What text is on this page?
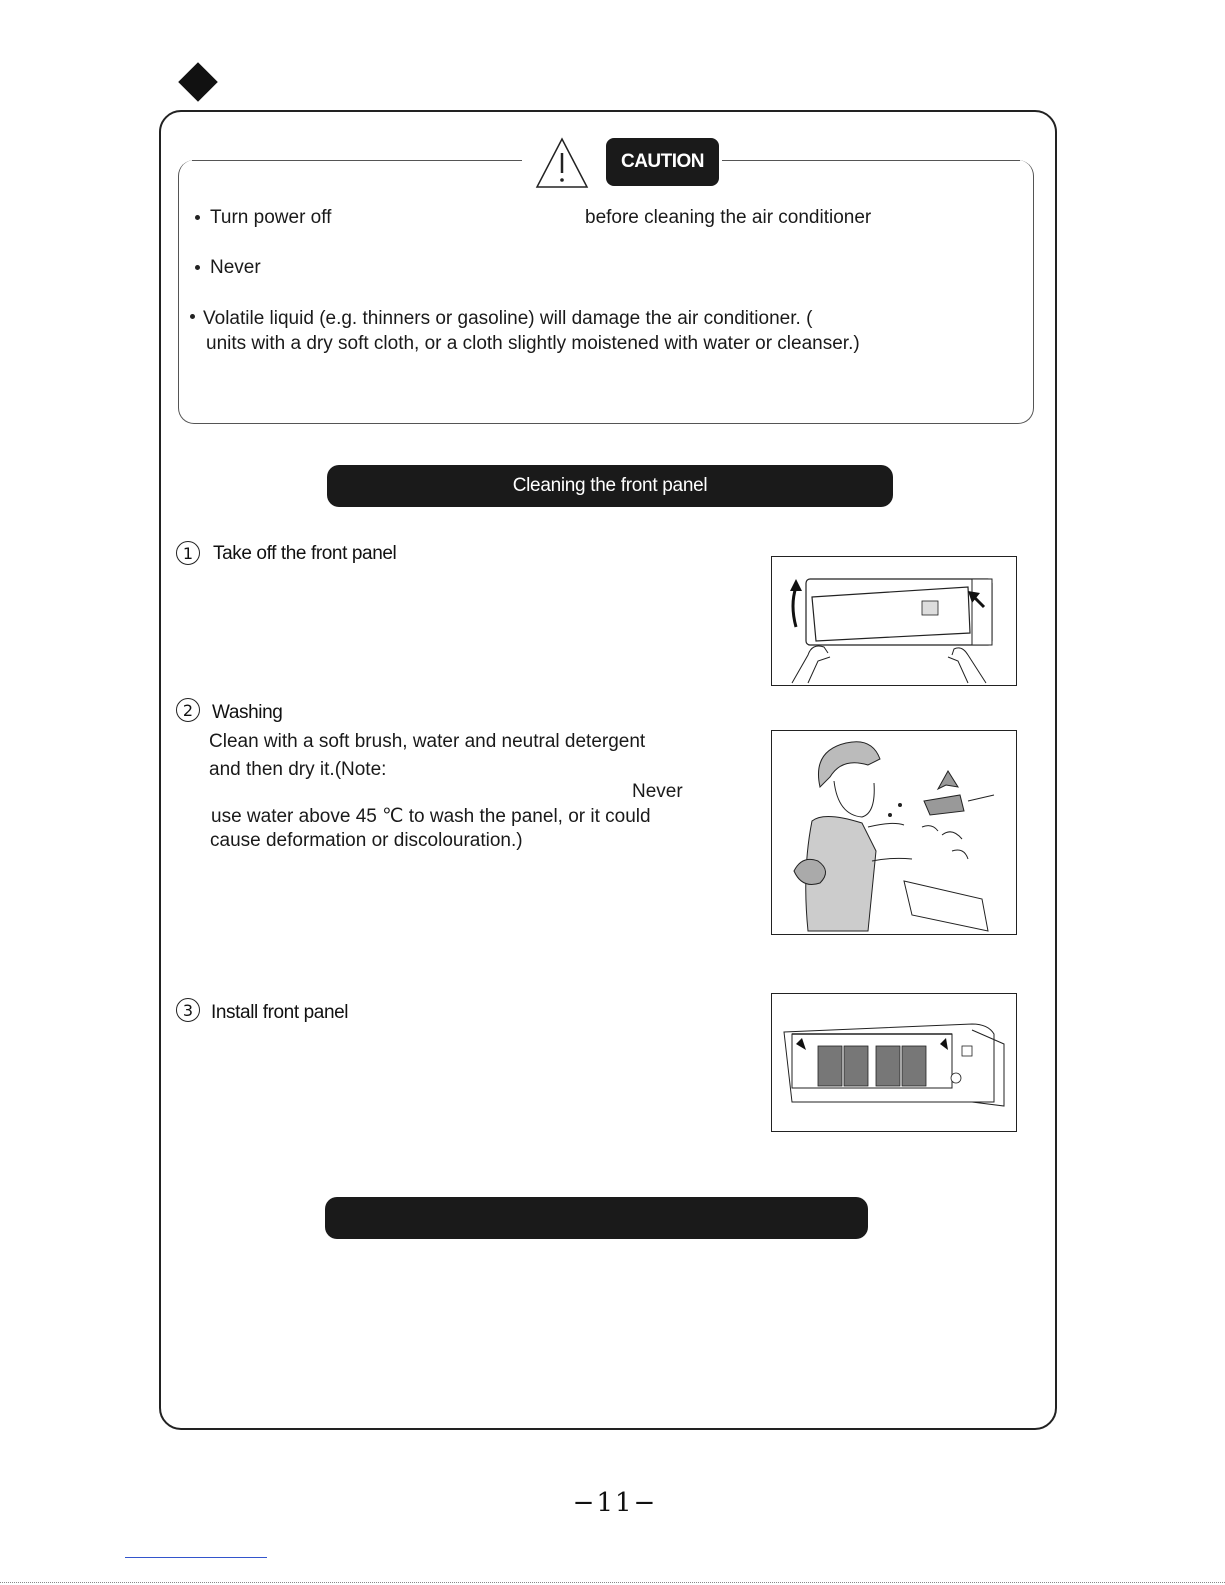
CAUTION
Turn power off	before cleaning the air conditioner
Never
Volatile liquid (e.g. thinners or gasoline) will damage the air conditioner. (
units with a dry soft cloth, or a cloth slightly moistened with water or cleanser.)
Cleaning the front panel
1	Take off the front panel
2 Washing
Clean with a soft brush, water and neutral detergent
and then dry it.(Note:
Never
use water above 45 ℃ to wash the panel, or it could
cause deformation or discolouration.)
3 Install front panel
−11−
